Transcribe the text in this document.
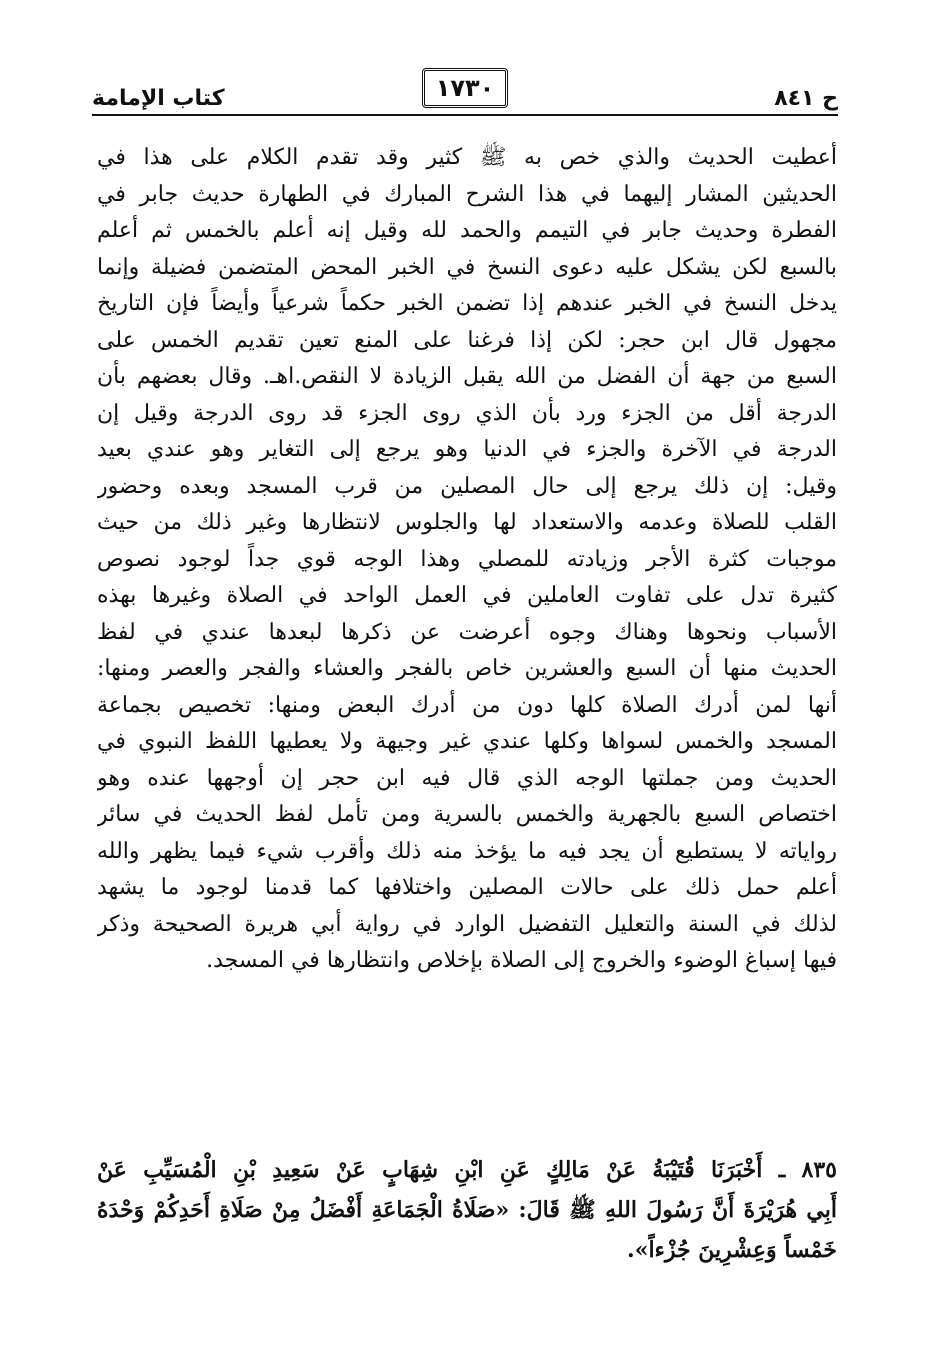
كتاب الإمامة	١٧٣٠	ح ٨٤١
أعطيت الحديث والذي خص به ﷺ كثير وقد تقدم الكلام على هذا في
الحديثين المشار إليهما في هذا الشرح المبارك في الطهارة حديث جابر في
الفطرة وحديث جابر في التيمم والحمد لله وقيل إنه أعلم بالخمس ثم أعلم
بالسبع لكن يشكل عليه دعوى النسخ في الخبر المحض المتضمن فضيلة وإنما
يدخل النسخ في الخبر عندهم إذا تضمن الخبر حكماً شرعياً وأيضاً فإن التاريخ
مجهول قال ابن حجر: لكن إذا فرغنا على المنع تعين تقديم الخمس على
السبع من جهة أن الفضل من الله يقبل الزيادة لا النقص.اهـ. وقال بعضهم بأن
الدرجة أقل من الجزء ورد بأن الذي روى الجزء قد روى الدرجة وقيل إن
الدرجة في الآخرة والجزء في الدنيا وهو يرجع إلى التغاير وهو عندي بعيد
وقيل: إن ذلك يرجع إلى حال المصلين من قرب المسجد وبعده وحضور
القلب للصلاة وعدمه والاستعداد لها والجلوس لانتظارها وغير ذلك من حيث
موجبات كثرة الأجر وزيادته للمصلي وهذا الوجه قوي جداً لوجود نصوص
كثيرة تدل على تفاوت العاملين في العمل الواحد في الصلاة وغيرها بهذه
الأسباب ونحوها وهناك وجوه أعرضت عن ذكرها لبعدها عندي في لفظ
الحديث منها أن السبع والعشرين خاص بالفجر والعشاء والفجر والعصر ومنها:
أنها لمن أدرك الصلاة كلها دون من أدرك البعض ومنها: تخصيص بجماعة
المسجد والخمس لسواها وكلها عندي غير وجيهة ولا يعطيها اللفظ النبوي في
الحديث ومن جملتها الوجه الذي قال فيه ابن حجر إن أوجهها عنده وهو
اختصاص السبع بالجهرية والخمس بالسرية ومن تأمل لفظ الحديث في سائر
رواياته لا يستطيع أن يجد فيه ما يؤخذ منه ذلك وأقرب شيء فيما يظهر والله
أعلم حمل ذلك على حالات المصلين واختلافها كما قدمنا لوجود ما يشهد
لذلك في السنة والتعليل التفضيل الوارد في رواية أبي هريرة الصحيحة وذكر
فيها إسباغ الوضوء والخروج إلى الصلاة بإخلاص وانتظارها في المسجد.
٨٣٥ ـ أَخْبَرَنَا قُتَيْبَةُ عَنْ مَالِكٍ عَنِ ابْنِ شِهَابٍ عَنْ سَعِيدِ بْنِ الْمُسَيِّبِ عَنْ
أَبِي هُرَيْرَةَ أَنَّ رَسُولَ اللهِ ﷺ قَالَ: «صَلَاةُ الْجَمَاعَةِ أَفْضَلُ مِنْ صَلَاةِ أَحَدِكُمْ وَحْدَهُ
خَمْساً وَعِشْرِينَ جُزْءاً».
